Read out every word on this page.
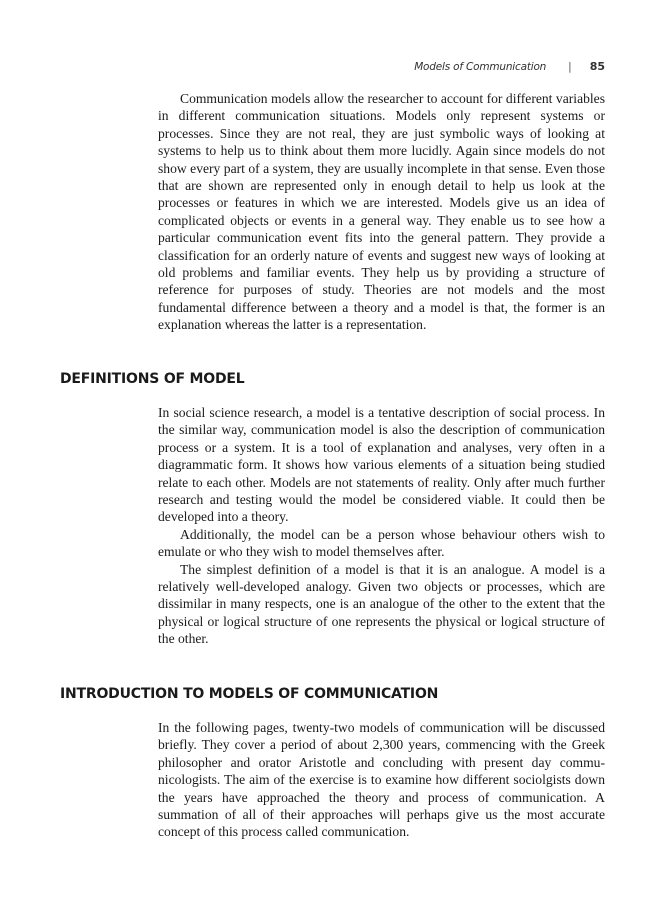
Models of Communication | 85

Communication models allow the researcher to account for different variables in different communication situations. Models only represent systems or processes. Since they are not real, they are just symbolic ways of looking at systems to help us to think about them more lucidly. Again since models do not show every part of a system, they are usually incomplete in that sense. Even those that are shown are represented only in enough detail to help us look at the processes or features in which we are interested. Models give us an idea of complicated objects or events in a general way. They enable us to see how a particular communication event fits into the general pattern. They provide a classification for an orderly nature of events and suggest new ways of looking at old problems and familiar events. They help us by providing a structure of reference for purposes of study. Theories are not models and the most fundamental difference between a theory and a model is that, the former is an explanation whereas the latter is a representation.

DEFINITIONS OF MODEL

In social science research, a model is a tentative description of social process. In the similar way, communication model is also the description of communication process or a system. It is a tool of explanation and analyses, very often in a diagrammatic form. It shows how various elements of a situation being studied relate to each other. Models are not statements of reality. Only after much further research and testing would the model be considered viable. It could then be developed into a theory.

Additionally, the model can be a person whose behaviour others wish to emulate or who they wish to model themselves after.

The simplest definition of a model is that it is an analogue. A model is a relatively well-developed analogy. Given two objects or processes, which are dissimilar in many respects, one is an analogue of the other to the extent that the physical or logical structure of one represents the physical or logical structure of the other.

INTRODUCTION TO MODELS OF COMMUNICATION

In the following pages, twenty-two models of communication will be discussed briefly. They cover a period of about 2,300 years, commencing with the Greek philosopher and orator Aristotle and concluding with present day communicologists. The aim of the exercise is to examine how different sociolgists down the years have approached the theory and process of communication. A summation of all of their approaches will perhaps give us the most accurate concept of this process called communication.
